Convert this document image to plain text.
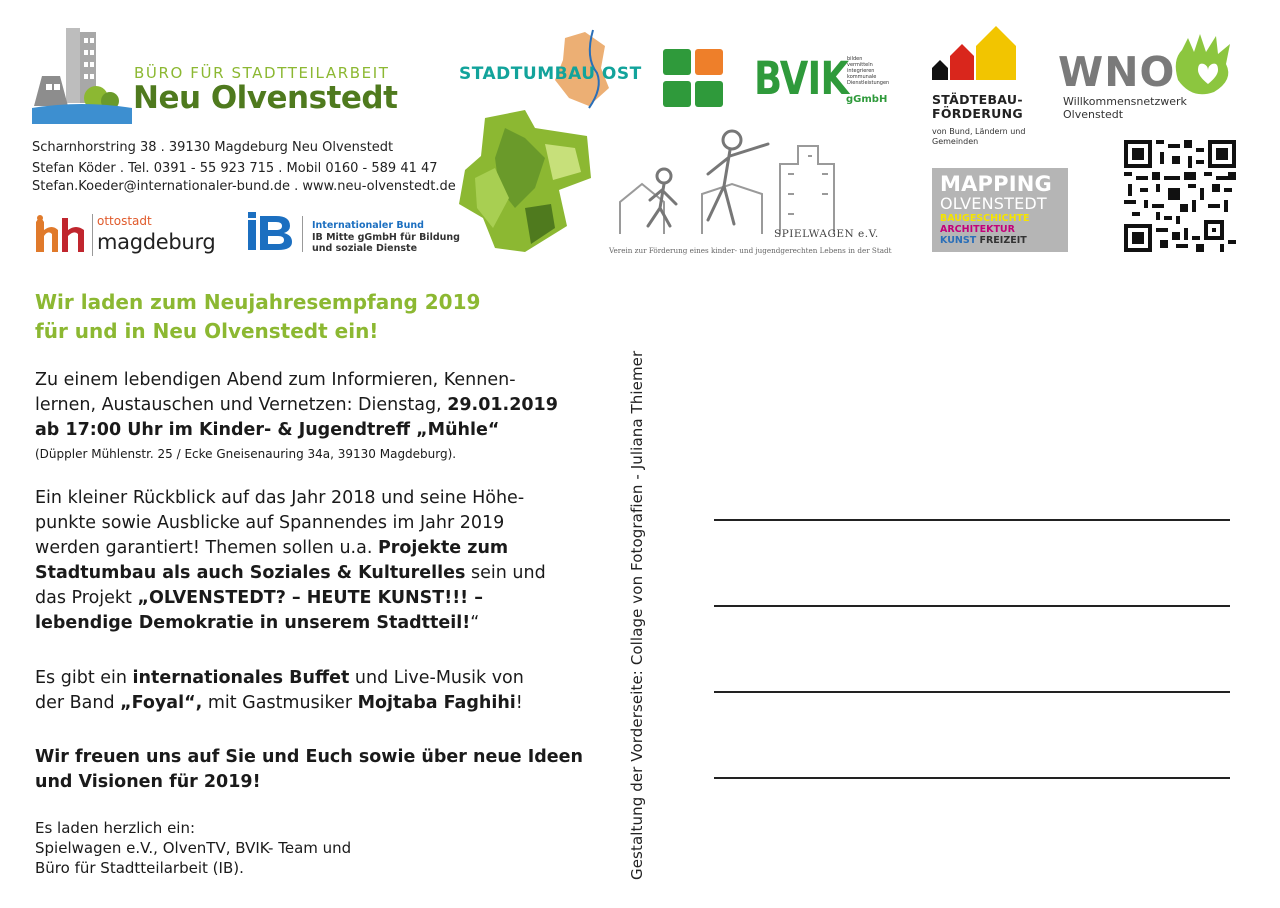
BÜRO FÜR STADTTEILARBEIT
Neu Olvenstedt
Scharnhorstring 38 . 39130 Magdeburg Neu Olvenstedt
Stefan Köder . Tel. 0391 - 55 923 715 . Mobil 0160 - 589 41 47
Stefan.Koeder@internationaler-bund.de . www.neu-olvenstedt.de
ottostadt
magdeburg
Internationaler Bund
IB Mitte gGmbH für Bildung
und soziale Dienste
STADTUMBAU OST BVIK
bilden
vermitteln
integrieren
kommunale
Dienstleistungen
gGmbH	STÄDTEBAU-
FÖRDERUNG
von Bund, Ländern und
Gemeinden
WNO
Willkommensnetzwerk
Olvenstedt
SPIELWAGEN e.V.
Verein zur Förderung eines kinder- und jugendgerechten Lebens in der Stadt
MAPPING
OLVENSTEDT
BAUGESCHICHTE
ARCHITEKTUR
KUNST FREIZEIT
Wir laden zum Neujahresempfang 2019
für und in Neu Olvenstedt ein!
Zu einem lebendigen Abend zum Informieren, Kennen-
lernen, Austauschen und Vernetzen: Dienstag, 29.01.2019
ab 17:00 Uhr im Kinder- & Jugendtreff „Mühle“
(Düppler Mühlenstr. 25 / Ecke Gneisenauring 34a, 39130 Magdeburg).
Ein kleiner Rückblick auf das Jahr 2018 und seine Höhe-
punkte sowie Ausblicke auf Spannendes im Jahr 2019
werden garantiert! Themen sollen u.a. Projekte zum
Stadtumbau als auch Soziales & Kulturelles sein und
das Projekt „OLVENSTEDT? – HEUTE KUNST!!! –
lebendige Demokratie in unserem Stadtteil!“
Es gibt ein internationales Buffet und Live-Musik von
der Band „Foyal“, mit Gastmusiker Mojtaba Faghihi!
Wir freuen uns auf Sie und Euch sowie über neue Ideen
und Visionen für 2019!
Es laden herzlich ein:
Spielwagen e.V., OlvenTV, BVIK- Team und
Büro für Stadtteilarbeit (IB).	Gestaltung der Vorderseite: Collage von Fotografien - Juliana Thiemer
